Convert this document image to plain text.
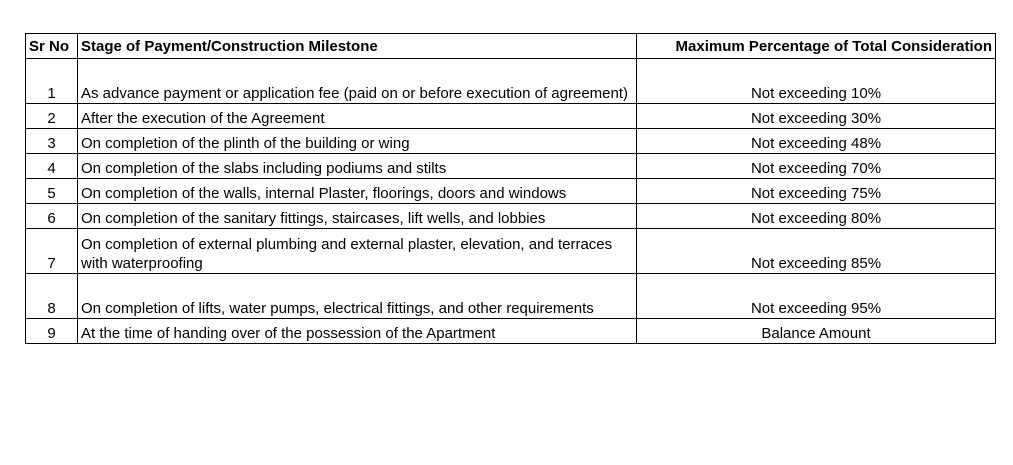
Sr No	Stage of Payment/Construction Milestone	Maximum Percentage of Total Consideration
1	As advance payment or application fee (paid on or before execution of agreement)	Not exceeding 10%
2	After the execution of the Agreement	Not exceeding 30%
3	On completion of the plinth of the building or wing	Not exceeding 48%
4	On completion of the slabs including podiums and stilts	Not exceeding 70%
5	On completion of the walls, internal Plaster, floorings, doors and windows	Not exceeding 75%
6	On completion of the sanitary fittings, staircases, lift wells, and lobbies	Not exceeding 80%
7	On completion of external plumbing and external plaster, elevation, and terraces with waterproofing	Not exceeding 85%
8	On completion of lifts, water pumps, electrical fittings, and other requirements	Not exceeding 95%
9	At the time of handing over of the possession of the Apartment	Balance Amount
